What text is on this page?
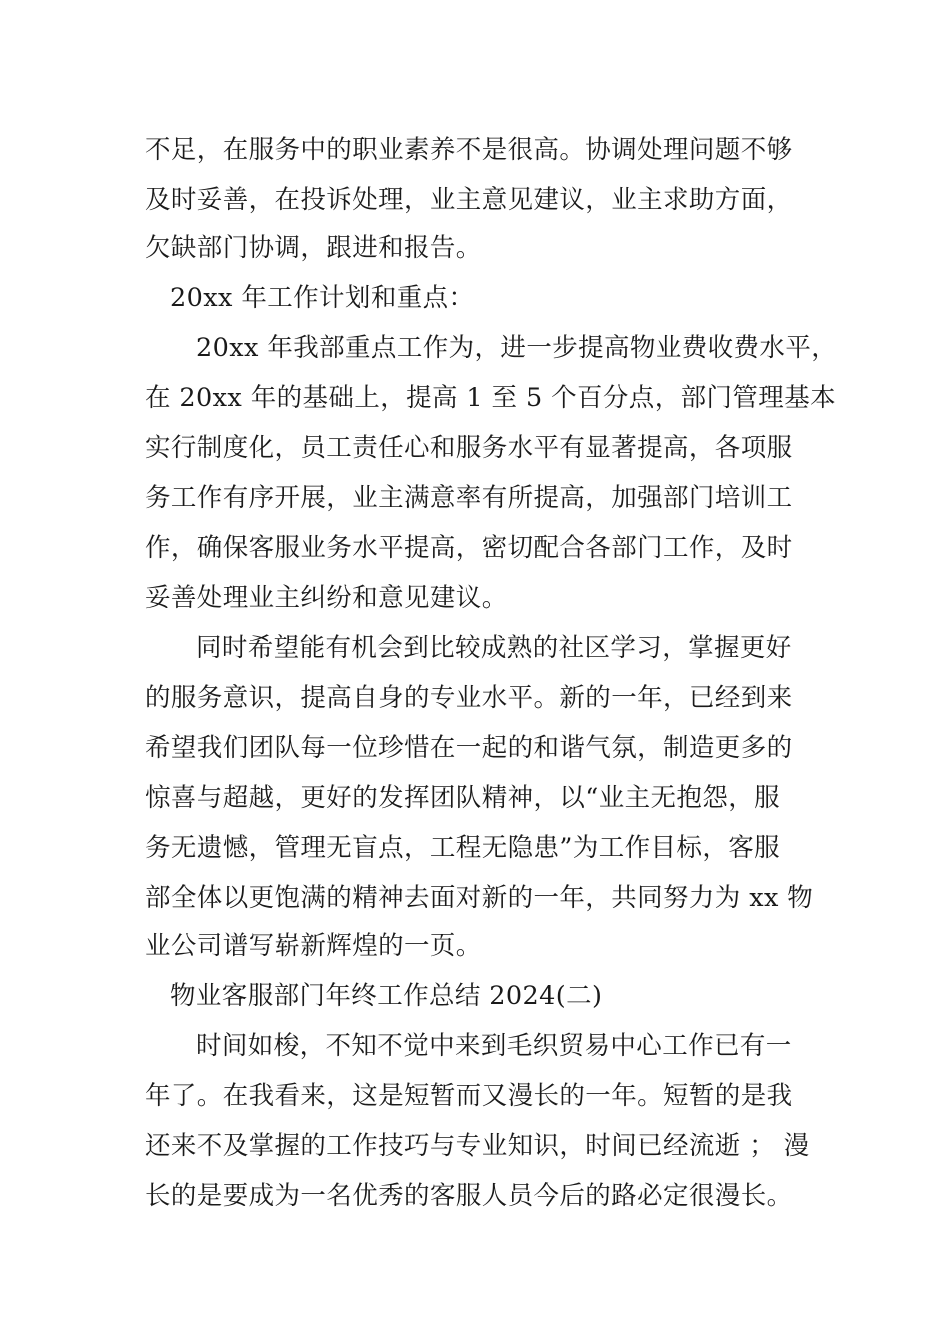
不足，在服务中的职业素养不是很高。协调处理问题不够
及时妥善，在投诉处理，业主意见建议，业主求助方面，
欠缺部门协调，跟进和报告。
20xx 年工作计划和重点：
20xx 年我部重点工作为，进一步提高物业费收费水平，
在 20xx 年的基础上，提高 1 至 5 个百分点，部门管理基本
实行制度化，员工责任心和服务水平有显著提高，各项服
务工作有序开展，业主满意率有所提高，加强部门培训工
作，确保客服业务水平提高，密切配合各部门工作，及时
妥善处理业主纠纷和意见建议。
同时希望能有机会到比较成熟的社区学习，掌握更好
的服务意识，提高自身的专业水平。新的一年，已经到来
希望我们团队每一位珍惜在一起的和谐气氛，制造更多的
惊喜与超越，更好的发挥团队精神，以“业主无抱怨，服
务无遗憾，管理无盲点，工程无隐患”为工作目标，客服
部全体以更饱满的精神去面对新的一年，共同努力为 xx 物
业公司谱写崭新辉煌的一页。
物业客服部门年终工作总结 2024(二)
时间如梭，不知不觉中来到毛织贸易中心工作已有一
年了。在我看来，这是短暂而又漫长的一年。短暂的是我
还来不及掌握的工作技巧与专业知识，时间已经流逝 ； 漫
长的是要成为一名优秀的客服人员今后的路必定很漫长。
